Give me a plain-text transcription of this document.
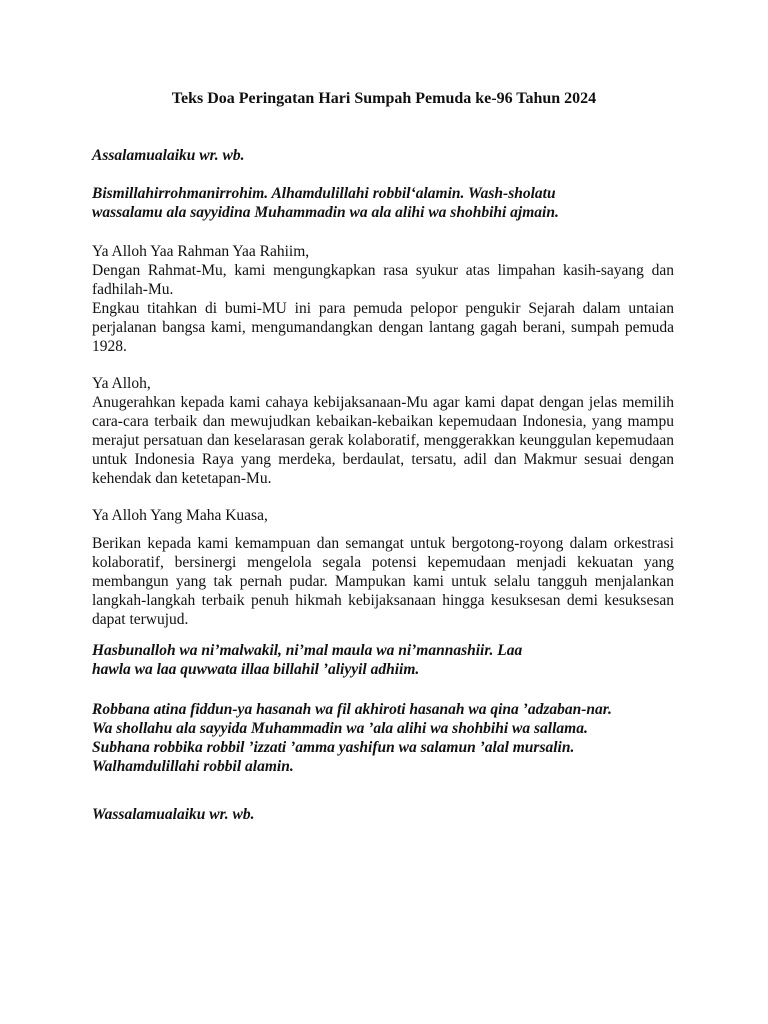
Teks Doa Peringatan Hari Sumpah Pemuda ke-96 Tahun 2024
Assalamualaiku wr. wb.
Bismillahirrohmanirrohim. Alhamdulillahi robbil‘alamin. Wash-sholatu
wassalamu ala sayyidina Muhammadin wa ala alihi wa shohbihi ajmain.
Ya Alloh Yaa Rahman Yaa Rahiim,
Dengan Rahmat-Mu, kami mengungkapkan rasa syukur atas limpahan kasih-sayang dan fadhilah-Mu.
Engkau titahkan di bumi-MU ini para pemuda pelopor pengukir Sejarah dalam untaian perjalanan bangsa kami, mengumandangkan dengan lantang gagah berani, sumpah pemuda 1928.
Ya Alloh,
Anugerahkan kepada kami cahaya kebijaksanaan-Mu agar kami dapat dengan jelas memilih cara-cara terbaik dan mewujudkan kebaikan-kebaikan kepemudaan Indonesia, yang mampu merajut persatuan dan keselarasan gerak kolaboratif, menggerakkan keunggulan kepemudaan untuk Indonesia Raya yang merdeka, berdaulat, tersatu, adil dan Makmur sesuai dengan kehendak dan ketetapan-Mu.
Ya Alloh Yang Maha Kuasa,
Berikan kepada kami kemampuan dan semangat untuk bergotong-royong dalam orkestrasi kolaboratif, bersinergi mengelola segala potensi kepemudaan menjadi kekuatan yang membangun yang tak pernah pudar. Mampukan kami untuk selalu tangguh menjalankan langkah-langkah terbaik penuh hikmah kebijaksanaan hingga kesuksesan demi kesuksesan dapat terwujud.
Hasbunalloh wa ni’malwakil, ni’mal maula wa ni’mannashiir. Laa
hawla wa laa quwwata illaa billahil ’aliyyil adhiim.
Robbana atina fiddun-ya hasanah wa fil akhiroti hasanah wa qina ’adzaban-nar.
Wa shollahu ala sayyida Muhammadin wa ’ala alihi wa shohbihi wa sallama.
Subhana robbika robbil ’izzati ’amma yashifun wa salamun ’alal mursalin.
Walhamdulillahi robbil alamin.
Wassalamualaiku wr. wb.
